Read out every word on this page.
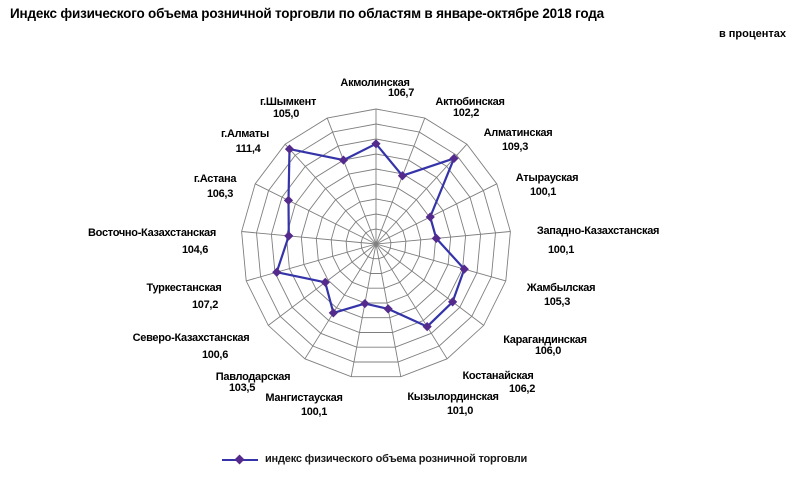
Индекс физического объема розничной торговли по областям в январе-октябре 2018 года
в процентах
Акмолинская
106,7
Актюбинская
102,2
Алматинская
109,3
Атырауская
100,1
Западно-Казахстанская
100,1
Жамбылская
105,3
Карагандинская
106,0
Костанайская
106,2
Кызылординская
101,0
Мангистауская
100,1
Павлодарская
103,5
Северо-Казахстанская
100,6
Туркестанская
107,2
Восточно-Казахстанская
104,6
г.Астана
106,3
г.Алматы
111,4
г.Шымкент
105,0
индекс физического объема розничной торговли
